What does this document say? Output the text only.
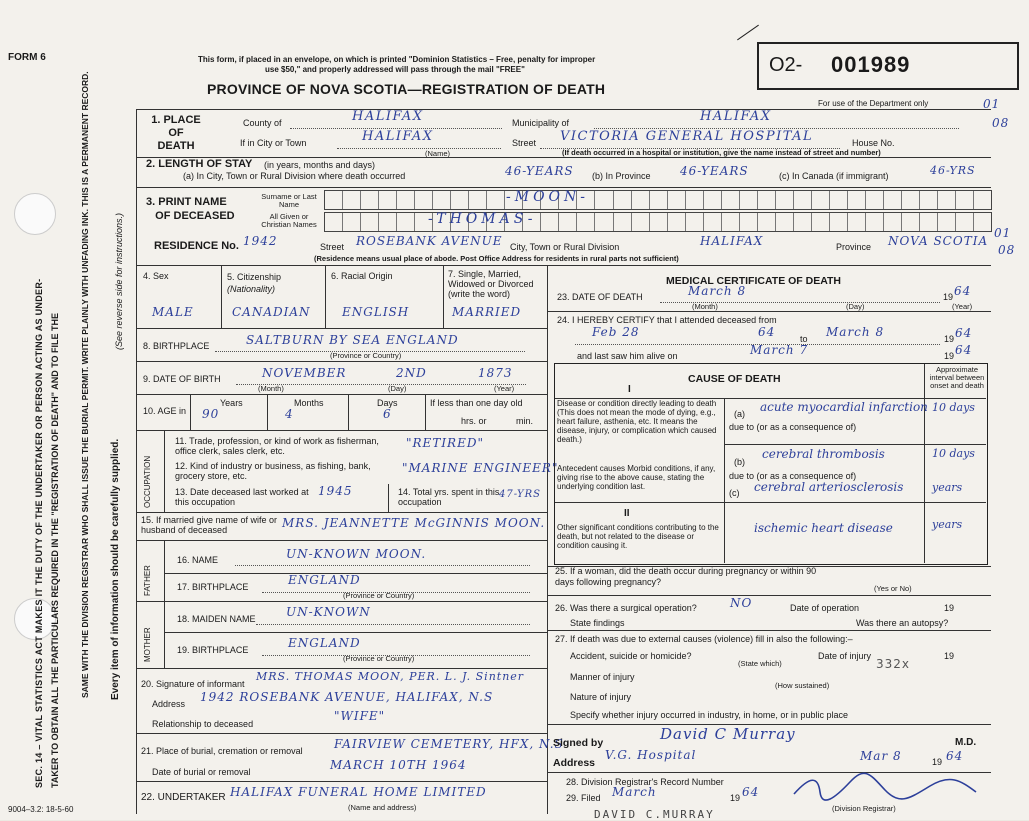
SEC. 14 – VITAL STATISTICS ACT MAKES IT THE DUTY OF THE UNDERTAKER OR PERSON ACTING AS UNDER- TAKER TO OBTAIN ALL THE PARTICULARS REQUIRED IN THE "REGISTRATION OF DEATH" AND TO FILE THE SAME WITH THE DIVISION REGISTRAR WHO SHALL ISSUE THE BURIAL PERMIT. WRITE PLAINLY WITH UNFADING INK. THIS IS A PERMANENT RECORD. Every item of information should be carefully supplied.
(See reverse side for instructions.)
FORM 6	This form, if placed in an envelope, on which is printed "Dominion Statistics – Free, penalty for improper
use $50," and properly addressed will pass through the mail "FREE"
PROVINCE OF NOVA SCOTIA—REGISTRATION OF DEATH
O2- 001989
For use of the Department only	01
08
1. PLACE
OF
DEATH
County of	HALIFAX	Municipality of	HALIFAX
If in City or Town	HALIFAX
(Name)
Street VICTORIA GENERAL HOSPITAL	House No.
(If death occurred in a hospital or institution, give the name instead of street and number)
2. LENGTH OF STAY (in years, months and days)
(a) In City, Town or Rural Division where death occurred	46-YEARS (b) In Province 46-YEARS	(c) In Canada (if immigrant)	46-YRS
3. PRINT NAME
OF DECEASED
Surname or Last Name
All Given or Christian Names
-MOON-
-THOMAS-
RESIDENCE No. 1942	Street ROSEBANK AVENUE City, Town or Rural Division	HALIFAX	Province NOVA SCOTIA
01
08
(Residence means usual place of abode. Post Office Address for residents in rural parts not sufficient)
4. Sex
MALE
5. Citizenship
(Nationality)
CANADIAN
6. Racial Origin
ENGLISH
7. Single, Married, Widowed or Divorced (write the word)
MARRIED
8. BIRTHPLACE	SALTBURN BY SEA ENGLAND
(Province or Country)
9. DATE OF BIRTH	NOVEMBER	2ND	1873
(Month)	(Day)	(Year)
10. AGE in
Years
90
Months
4
Days
6
If less than one day old
hrs. or	min.
OCCUPATION
11. Trade, profession, or kind of work as fisherman, office clerk, sales clerk, etc.
"RETIRED"
12. Kind of industry or business, as fishing, bank, grocery store, etc.
"MARINE ENGINEER"
13. Date deceased last worked at this occupation
1945	14. Total yrs. spent in this occupation
47-YRS
15. If married give name of wife or husband of deceased	MRS. JEANNETTE McGINNIS MOON.
FATHER
16. NAME	UN-KNOWN MOON.
17. BIRTHPLACE	ENGLAND
(Province or Country)
MOTHER
18. MAIDEN NAME	UN-KNOWN
19. BIRTHPLACE	ENGLAND
(Province or Country)
20. Signature of informant
MRS. THOMAS MOON, PER. L. J. Sintner
Address 1942 ROSEBANK AVENUE, HALIFAX, N.S
Relationship to deceased
"WIFE"
21. Place of burial, cremation or removal	FAIRVIEW CEMETERY, HFX, N.S
Date of burial or removal	MARCH 10TH 1964
22. UNDERTAKER HALIFAX FUNERAL HOME LIMITED
(Name and address)
9004–3.2: 18-5-60
MEDICAL CERTIFICATE OF DEATH
23. DATE OF DEATH	March 8	19 64
(Month)	(Day)	(Year)
24. I HEREBY CERTIFY that I attended deceased from
Feb 28	64	to March 8	19 64
and last saw him alive on	March 7	19 64
CAUSE OF DEATH
Approximate interval between onset and death
I
Disease or condition directly leading to death (This does not mean the mode of dying, e.g., heart failure, asthenia, etc. It means the disease, injury, or complication which caused death.)
(a) acute myocardial infarction 10 days
due to (or as a consequence of)
Antecedent causes Morbid conditions, if any, giving rise to the above cause, stating the underlying condition last.
(b)
cerebral thrombosis	10 days
due to (or as a consequence of)
(c) cerebral arteriosclerosis	years
II
Other significant conditions contributing to the death, but not related to the disease or condition causing it.
ischemic heart disease	years
25. If a woman, did the death occur during pregnancy or within 90 days following pregnancy?
(Yes or No)
26. Was there a surgical operation?	NO	Date of operation	19
State findings	Was there an autopsy?
27. If death was due to external causes (violence) fill in also the following:–
Accident, suicide or homicide?	Date of injury	19
(State which)	332x
Manner of injury
(How sustained)
Nature of injury
Specify whether injury occurred in industry, in home, or in public place
Signed by	David C Murray	M.D.
Address
V.G. Hospital	Mar 8	19 64
28. Division Registrar's Record Number
29. Filed March	19 64
(Division Registrar)
DAVID C.MURRAY
